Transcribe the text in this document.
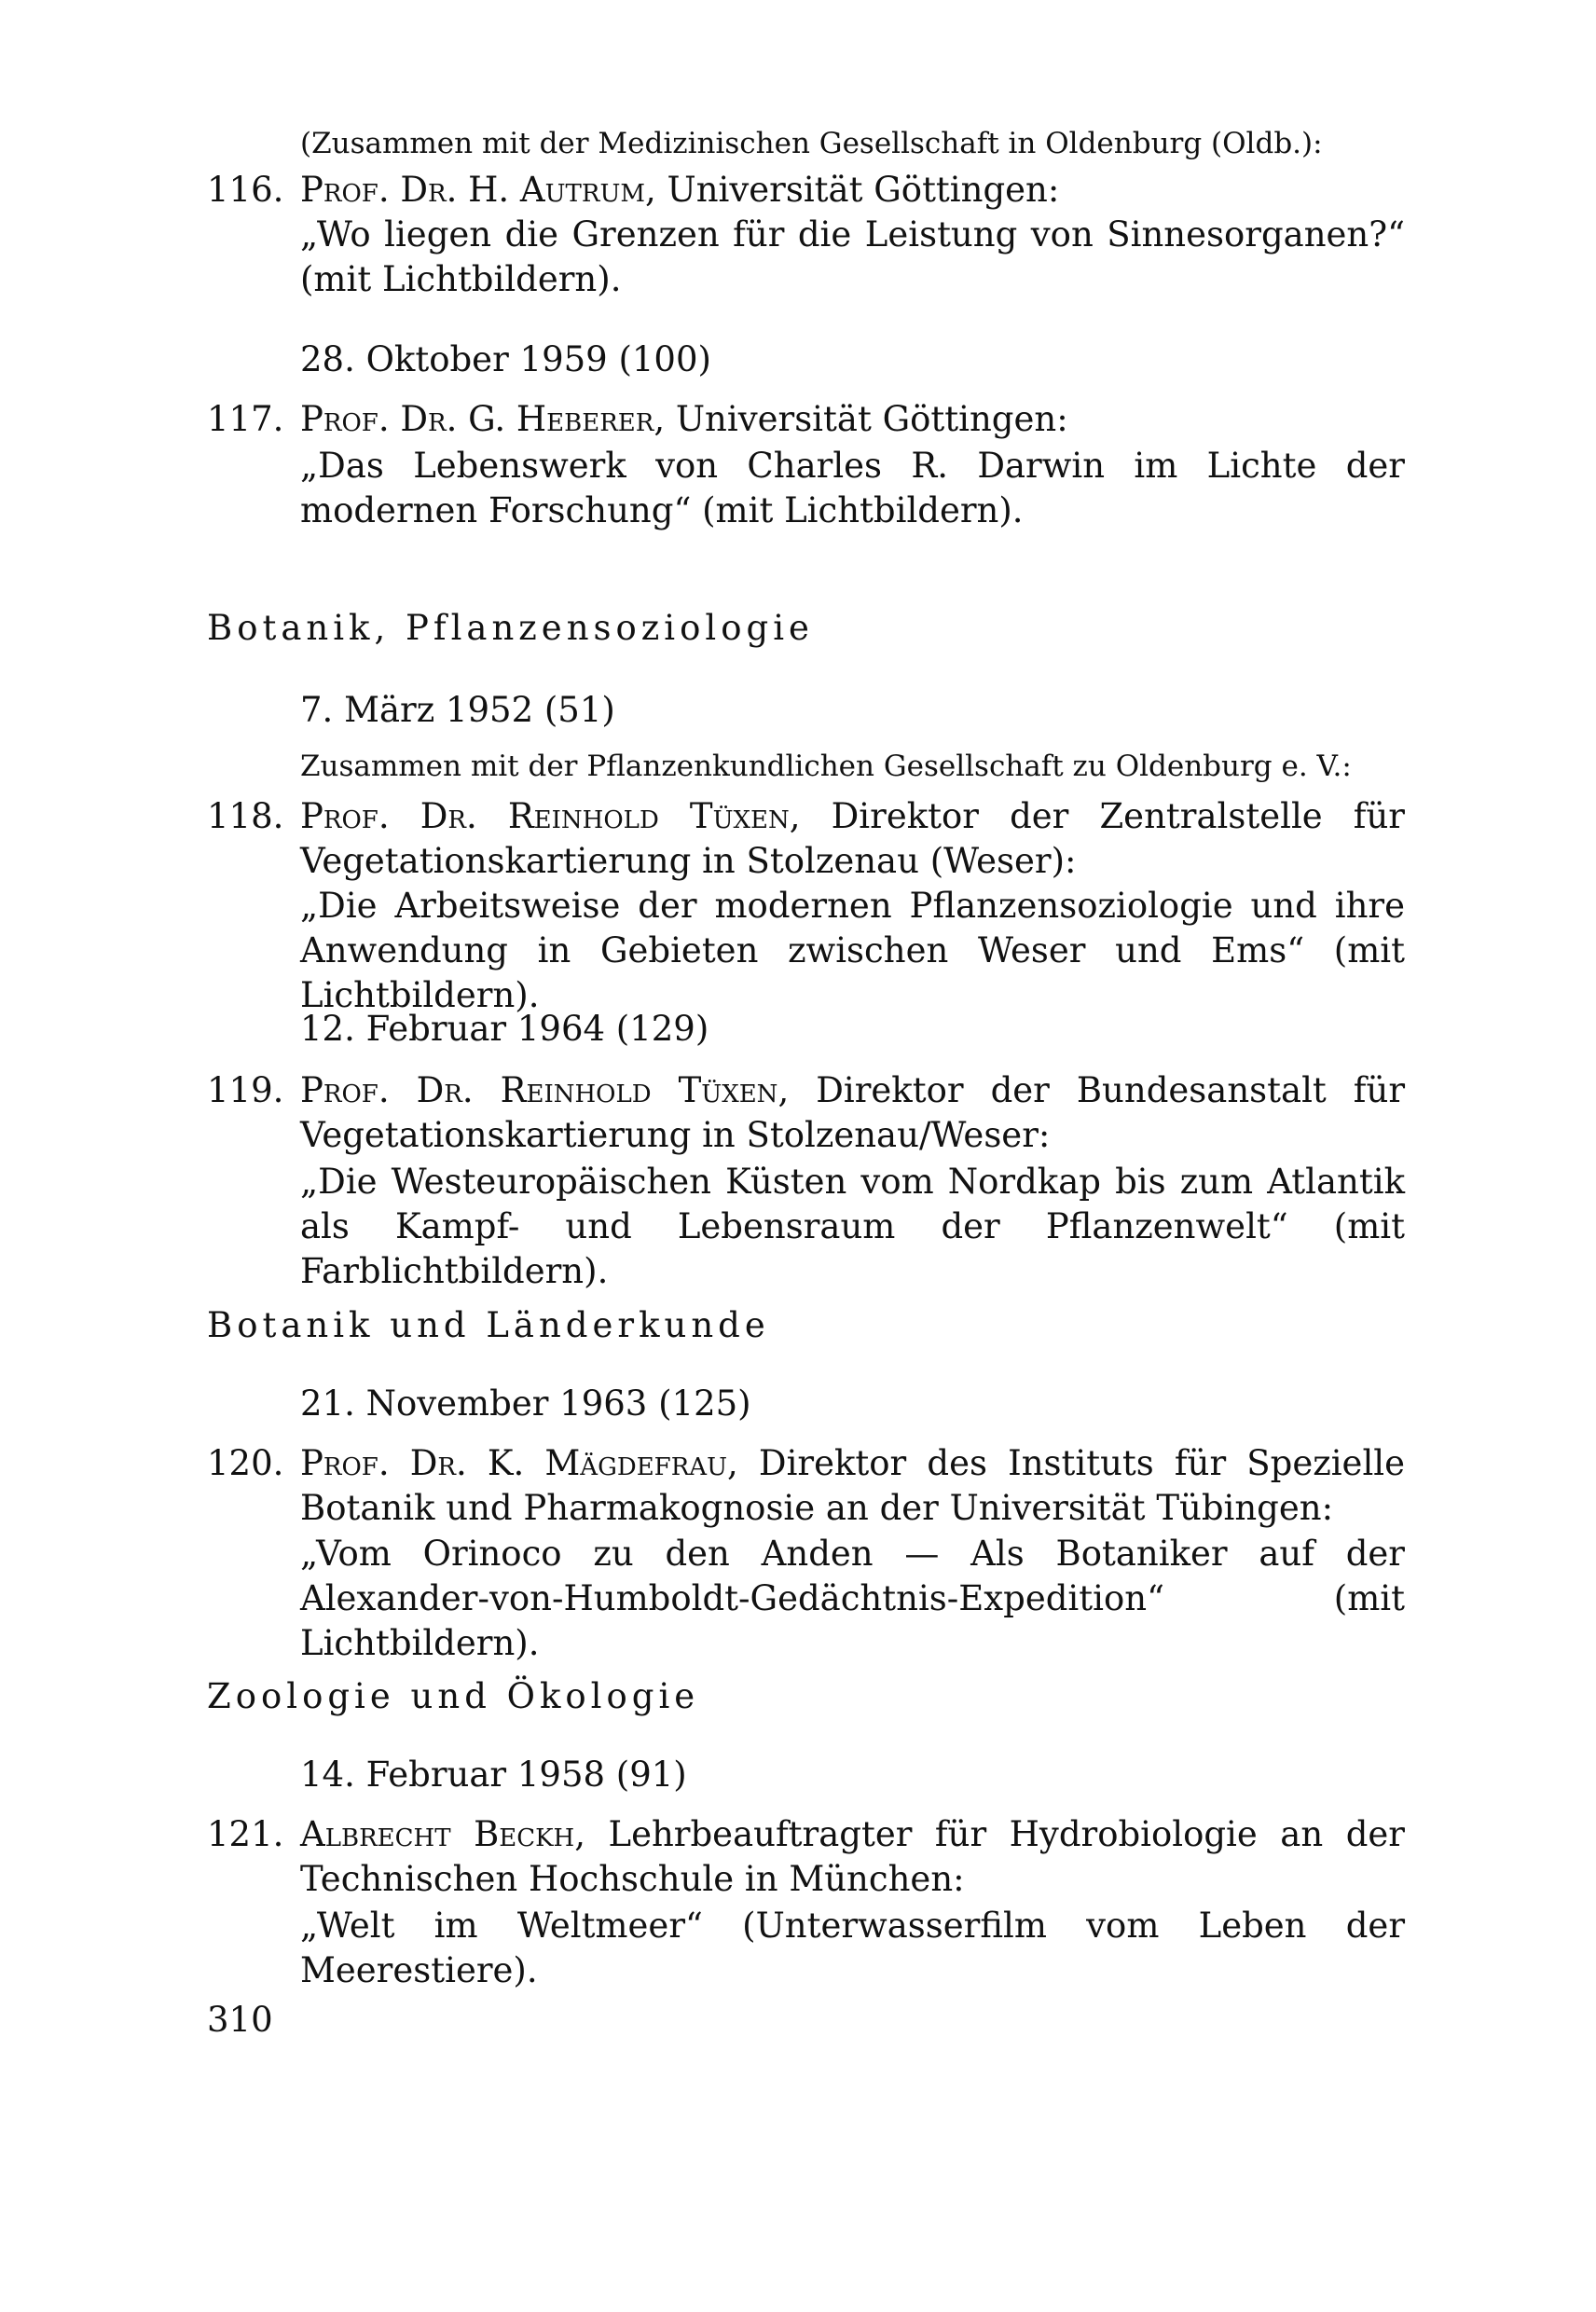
(Zusammen mit der Medizinischen Gesellschaft in Oldenburg (Oldb.):

116. Prof. Dr. H. Autrum, Universität Göttingen:

„Wo liegen die Grenzen für die Leistung von Sinnesorganen?“ (mit Lichtbildern).

28. Oktober 1959 (100)

117. Prof. Dr. G. Heberer, Universität Göttingen:

„Das Lebenswerk von Charles R. Darwin im Lichte der modernen Forschung“ (mit Lichtbildern).

Botanik, Pflanzensoziologie

7. März 1952 (51)

Zusammen mit der Pflanzenkundlichen Gesellschaft zu Oldenburg e. V.:

118. Prof. Dr. Reinhold Tüxen, Direktor der Zentralstelle für Vegetationskartierung in Stolzenau (Weser):

„Die Arbeitsweise der modernen Pflanzensoziologie und ihre Anwendung in Gebieten zwischen Weser und Ems“ (mit Lichtbildern).

12. Februar 1964 (129)

119. Prof. Dr. Reinhold Tüxen, Direktor der Bundesanstalt für Vegetationskartierung in Stolzenau/Weser:

„Die Westeuropäischen Küsten vom Nordkap bis zum Atlantik als Kampf- und Lebensraum der Pflanzenwelt“ (mit Farblichtbildern).

Botanik und Länderkunde

21. November 1963 (125)

120. Prof. Dr. K. Mägdefrau, Direktor des Instituts für Spezielle Botanik und Pharmakognosie an der Universität Tübingen:

„Vom Orinoco zu den Anden — Als Botaniker auf der Alexander-von-Humboldt-Gedächtnis-Expedition“ (mit Lichtbildern).

Zoologie und Ökologie

14. Februar 1958 (91)

121. Albrecht Beckh, Lehrbeauftragter für Hydrobiologie an der Technischen Hochschule in München:

„Welt im Weltmeer“ (Unterwasserfilm vom Leben der Meerestiere).

310
